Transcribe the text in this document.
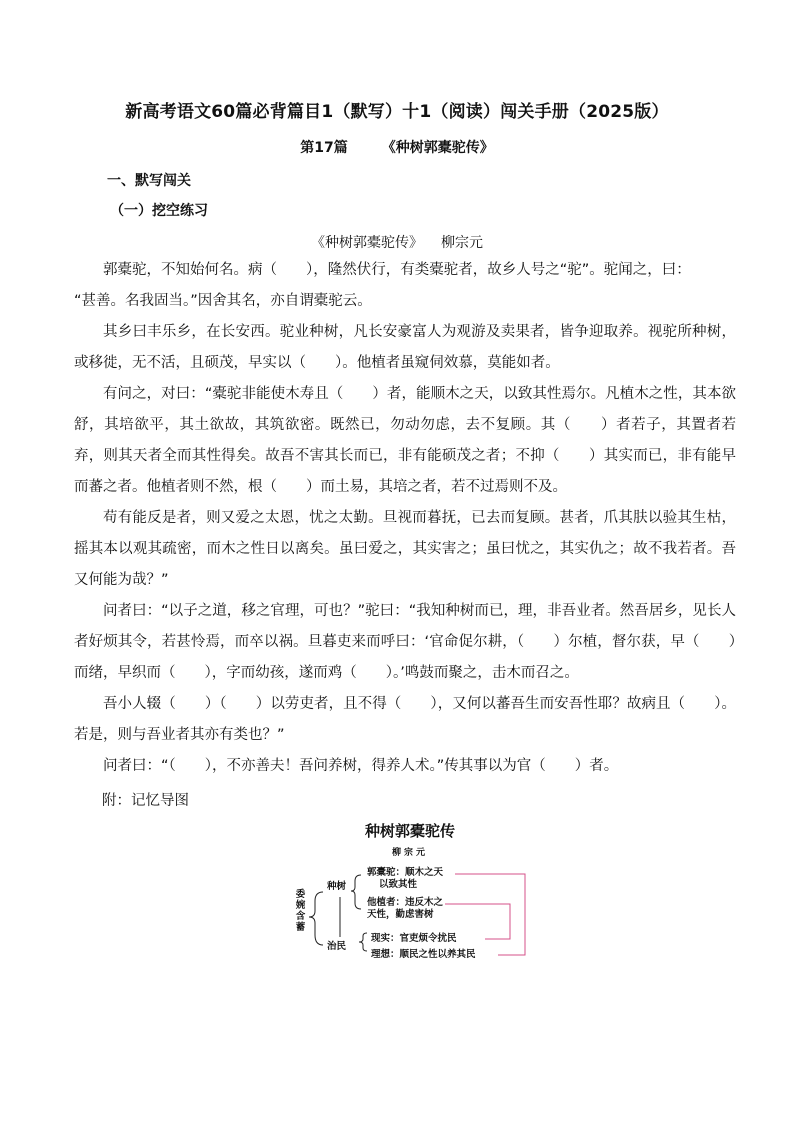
新高考语文60篇必背篇目1（默写）十1（阅读）闯关手册（2025版）
第17篇 《种树郭橐驼传》
一、默写闯关
（一）挖空练习
《种树郭橐驼传》 柳宗元

郭橐驼，不知始何名。病（　　），隆然伏行，有类橐驼者，故乡人号之“驼”。驼闻之，曰：

“甚善。名我固当。”因舍其名，亦自谓橐驼云。

其乡曰丰乐乡，在长安西。驼业种树，凡长安豪富人为观游及卖果者，皆争迎取养。视驼所种树，或移徙，无不活，且硕茂，早实以（　　）。他植者虽窥伺效慕，莫能如者。

有问之，对曰：“橐驼非能使木寿且（　　）者，能顺木之天，以致其性焉尔。凡植木之性，其本欲舒，其培欲平，其土欲故，其筑欲密。既然已，勿动勿虑，去不复顾。其（　　）者若子，其置者若弃，则其天者全而其性得矣。故吾不害其长而已，非有能硕茂之者；不抑（　　）其实而已，非有能早而蕃之者。他植者则不然，根（　　）而土易，其培之者，若不过焉则不及。

苟有能反是者，则又爱之太恩，忧之太勤。旦视而暮抚，已去而复顾。甚者，爪其肤以验其生枯，摇其本以观其疏密，而木之性日以离矣。虽曰爱之，其实害之；虽曰忧之，其实仇之；故不我若者。吾又何能为哉？”

问者曰：“以子之道，移之官理，可也？”驼曰：“我知种树而已，理，非吾业者。然吾居乡，见长人者好烦其令，若甚怜焉，而卒以祸。旦暮吏来而呼曰：‘官命促尔耕，（　　）尔植，督尔获，早（　　）而绪，早织而（　　），字而幼孩，遂而鸡（　　）。’鸣鼓而聚之，击木而召之。

吾小人辍（　　）（　　）以劳吏者，且不得（　　），又何以蕃吾生而安吾性耶？故病且（　　）。若是，则与吾业者其亦有类也？”

问者曰：“（　　），不亦善夫！吾问养树，得养人术。”传其事以为官（　　）者。

附：记忆导图
种树郭橐驼传
柳宗元
委婉含蓄
种树
治民
郭橐驼：顺木之天
以致其性
他植者：违反木之
天性，勤虑害树
现实：官吏烦令扰民
理想：顺民之性以养其民
